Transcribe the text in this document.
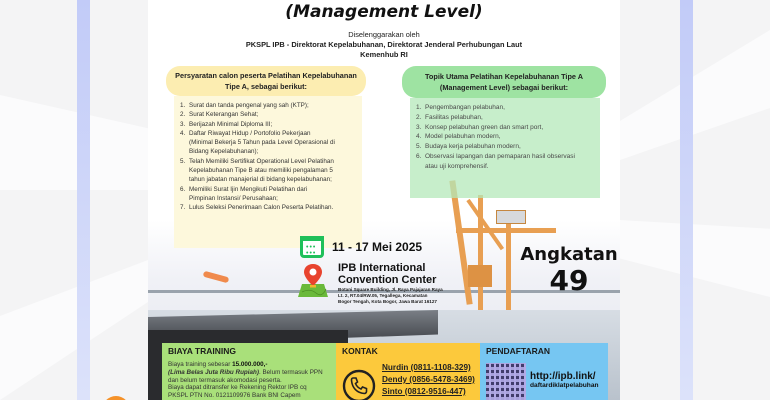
(Management Level)
Diselenggarakan oleh
PKSPL IPB - Direktorat Kepelabuhanan, Direktorat Jenderal Perhubungan Laut
Kemenhub RI
Persyaratan calon peserta Pelatihan Kepelabuhanan
Tipe A, sebagai berikut:
1. Surat dan tanda pengenal yang sah (KTP);
2. Surat Keterangan Sehat;
3. Berijazah Minimal Diploma III;
4. Daftar Riwayat Hidup / Portofolio Pekerjaan
(Minimal Bekerja 5 Tahun pada Level Operasional di
Bidang Kepelabuhanan);
5. Telah Memiliki Sertifikat Operational Level Pelatihan
Kepelabuhanan Tipe B atau memiliki pengalaman 5
tahun jabatan manajerial di bidang kepelabuhanan;
6. Memiliki Surat Ijin Mengikuti Pelatihan dari
Pimpinan Instansi/ Perusahaan;
7. Lulus Seleksi Penerimaan Calon Peserta Pelatihan.
Topik Utama Pelatihan Kepelabuhanan Tipe A
(Management Level) sebagai berikut:
1. Pengembangan pelabuhan,
2. Fasilitas pelabuhan,
3. Konsep pelabuhan green dan smart port,
4. Model pelabuhan modern,
5. Budaya kerja pelabuhan modern,
6. Observasi lapangan dan pemaparan hasil observasi
atau uji komprehensif.
•••
••• 11 - 17 Mei 2025
IPB International
Convention Center
Botani Square Building, Jl. Raya Pajajaran Raya
Lt. 2, RT.04/RW.05, Tegallega, Kecamatan
Bogor Tengah, Kota Bogor, Jawa Barat 16127
Angkatan
49
BIAYA TRAINING
Biaya training sebesar 15.000.000,-
(Lima Belas Juta Ribu Rupiah). Belum termasuk PPN dan belum termasuk akomodasi peserta.
Biaya dapat ditransfer ke Rekening Rektor IPB cq
PKSPL PTN No. 0121109976 Bank BNI Capem
KONTAK
Nurdin (0811-1108-329)
Dendy (0856-5478-3469)
Sinto (0812-9516-447)
PENDAFTARAN
http://ipb.link/
daftardiklatpelabuhan
